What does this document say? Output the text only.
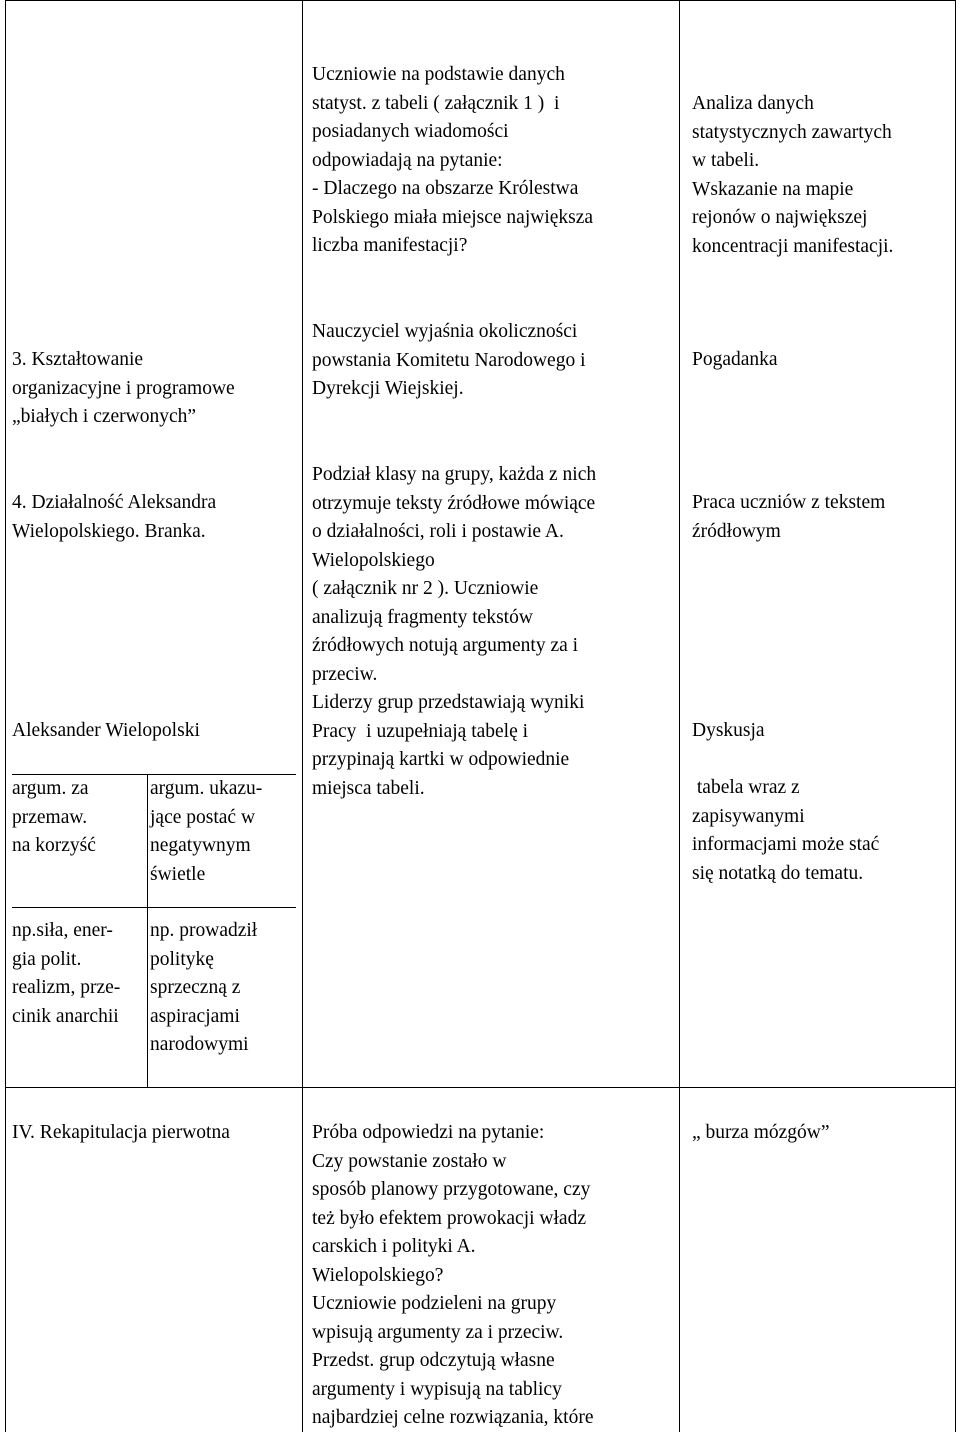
Uczniowie na podstawie danych
statyst. z tabeli ( załącznik 1 )  i
posiadanych wiadomości
odpowiadają na pytanie:
- Dlaczego na obszarze Królestwa
Polskiego miała miejsce największa
liczba manifestacji?
Analiza danych
statystycznych zawartych
w tabeli.
Wskazanie na mapie
rejonów o największej
koncentracji manifestacji.
3. Kształtowanie
organizacyjne i programowe
„białych i czerwonych”
Nauczyciel wyjaśnia okoliczności
powstania Komitetu Narodowego i
Dyrekcji Wiejskiej.
Pogadanka
4. Działalność Aleksandra
Wielopolskiego. Branka.
Aleksander Wielopolski
argum. za
przemaw.
na korzyść
argum. ukazu-
jące postać w
negatywnym
świetle
np.siła, ener-
gia polit.
realizm, prze-
cinik anarchii
np. prowadził
politykę
sprzeczną z
aspiracjami
narodowymi
Podział klasy na grupy, każda z nich
otrzymuje teksty źródłowe mówiące
o działalności, roli i postawie A.
Wielopolskiego
( załącznik nr 2 ). Uczniowie
analizują fragmenty tekstów
źródłowych notują argumenty za i
przeciw.
Liderzy grup przedstawiają wyniki
Pracy  i uzupełniają tabelę i
przypinają kartki w odpowiednie
miejsca tabeli.
Praca uczniów z tekstem
źródłowym
Dyskusja
tabela wraz z
zapisywanymi
informacjami może stać
się notatką do tematu.
IV. Rekapitulacja pierwotna	Próba odpowiedzi na pytanie:
Czy powstanie zostało w
sposób planowy przygotowane, czy
też było efektem prowokacji władz
carskich i polityki A.
Wielopolskiego?
Uczniowie podzieleni na grupy
wpisują argumenty za i przeciw.
Przedst. grup odczytują własne
argumenty i wypisują na tablicy
najbardziej celne rozwiązania, które
„ burza mózgów”
